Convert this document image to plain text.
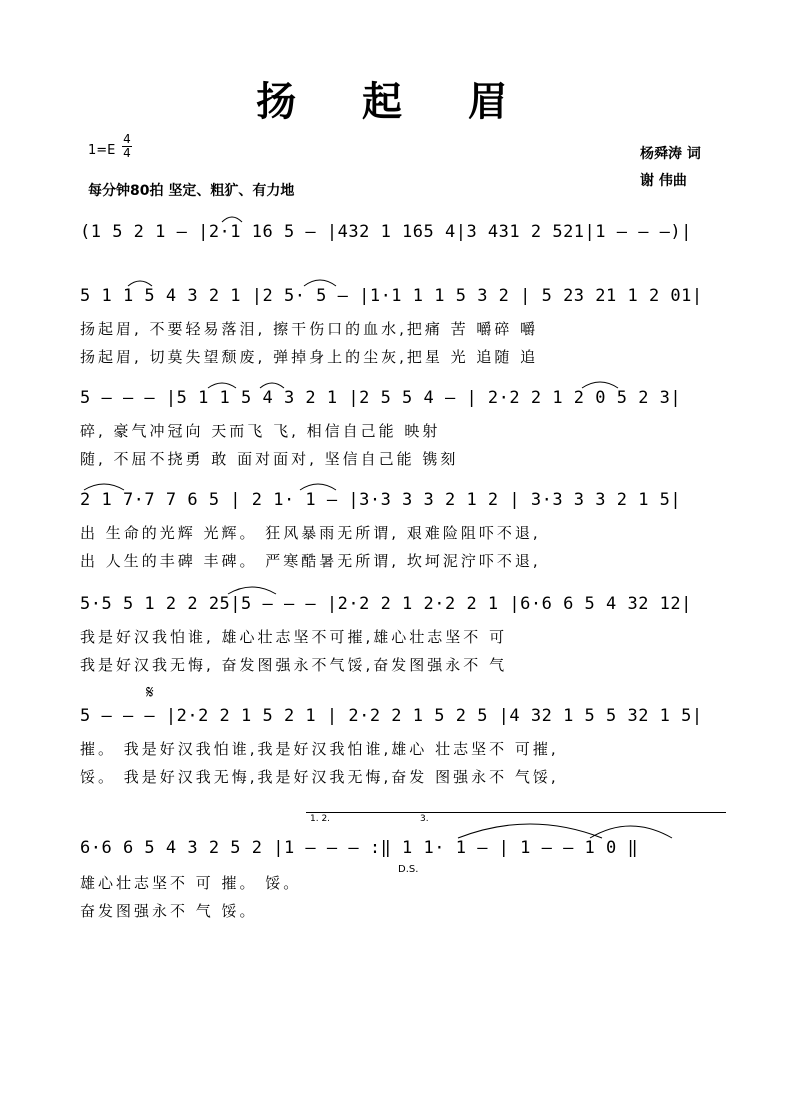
扬 起 眉
1=E
4
4	杨舜涛 词
谢 伟曲
每分钟80拍 坚定、粗犷、有力地
(1 5 2 1 – |2·1 16 5 – |432 1 165 4|3 431 2 521|1 – – –)|
5 1 1 5 4 3 2 1 |2 5· 5 – |1·1 1 1 5 3 2 | 5 23 21 1 2 01|
扬起眉, 不要轻易落泪, 擦干伤口的血水,把痛 苦 嚼碎 嚼
扬起眉, 切莫失望颓废, 弹掉身上的尘灰,把星 光 追随 追
5 – – – |5 1 1 5 4 3 2 1 |2 5 5 4 – | 2·2 2 1 2 0 5 2 3|
碎, 豪气冲冠向 天而飞 飞, 相信自己能 映射
随, 不屈不挠勇 敢 面对面对, 坚信自己能 镌刻
2 1 7·7 7 6 5 | 2 1· 1 – |3·3 3 3 2 1 2 | 3·3 3 3 2 1 5|
出 生命的光辉 光辉。 狂风暴雨无所谓, 艰难险阻吓不退,
出 人生的丰碑 丰碑。 严寒酷暑无所谓, 坎坷泥泞吓不退,
5·5 5 1 2 2 25|5 – – – |2·2 2 1 2·2 2 1 |6·6 6 5 4 32 12|
我是好汉我怕谁, 雄心壮志坚不可摧,雄心壮志坚不 可
我是好汉我无悔, 奋发图强永不气馁,奋发图强永不 气
𝄋
5 – – – |2·2 2 1 5 2 1 | 2·2 2 1 5 2 5 |4 32 1 5 5 32 1 5|
摧。 我是好汉我怕谁,我是好汉我怕谁,雄心 壮志坚不 可摧,
馁。 我是好汉我无悔,我是好汉我无悔,奋发 图强永不 气馁,
1. 2.	3.
6·6 6 5 4 3 2 5 2 |1 – – – :‖ 1 1· 1 – | 1 – – 1 0 ‖
D.S.
雄心壮志坚不 可 摧。 馁。
奋发图强永不 气 馁。
